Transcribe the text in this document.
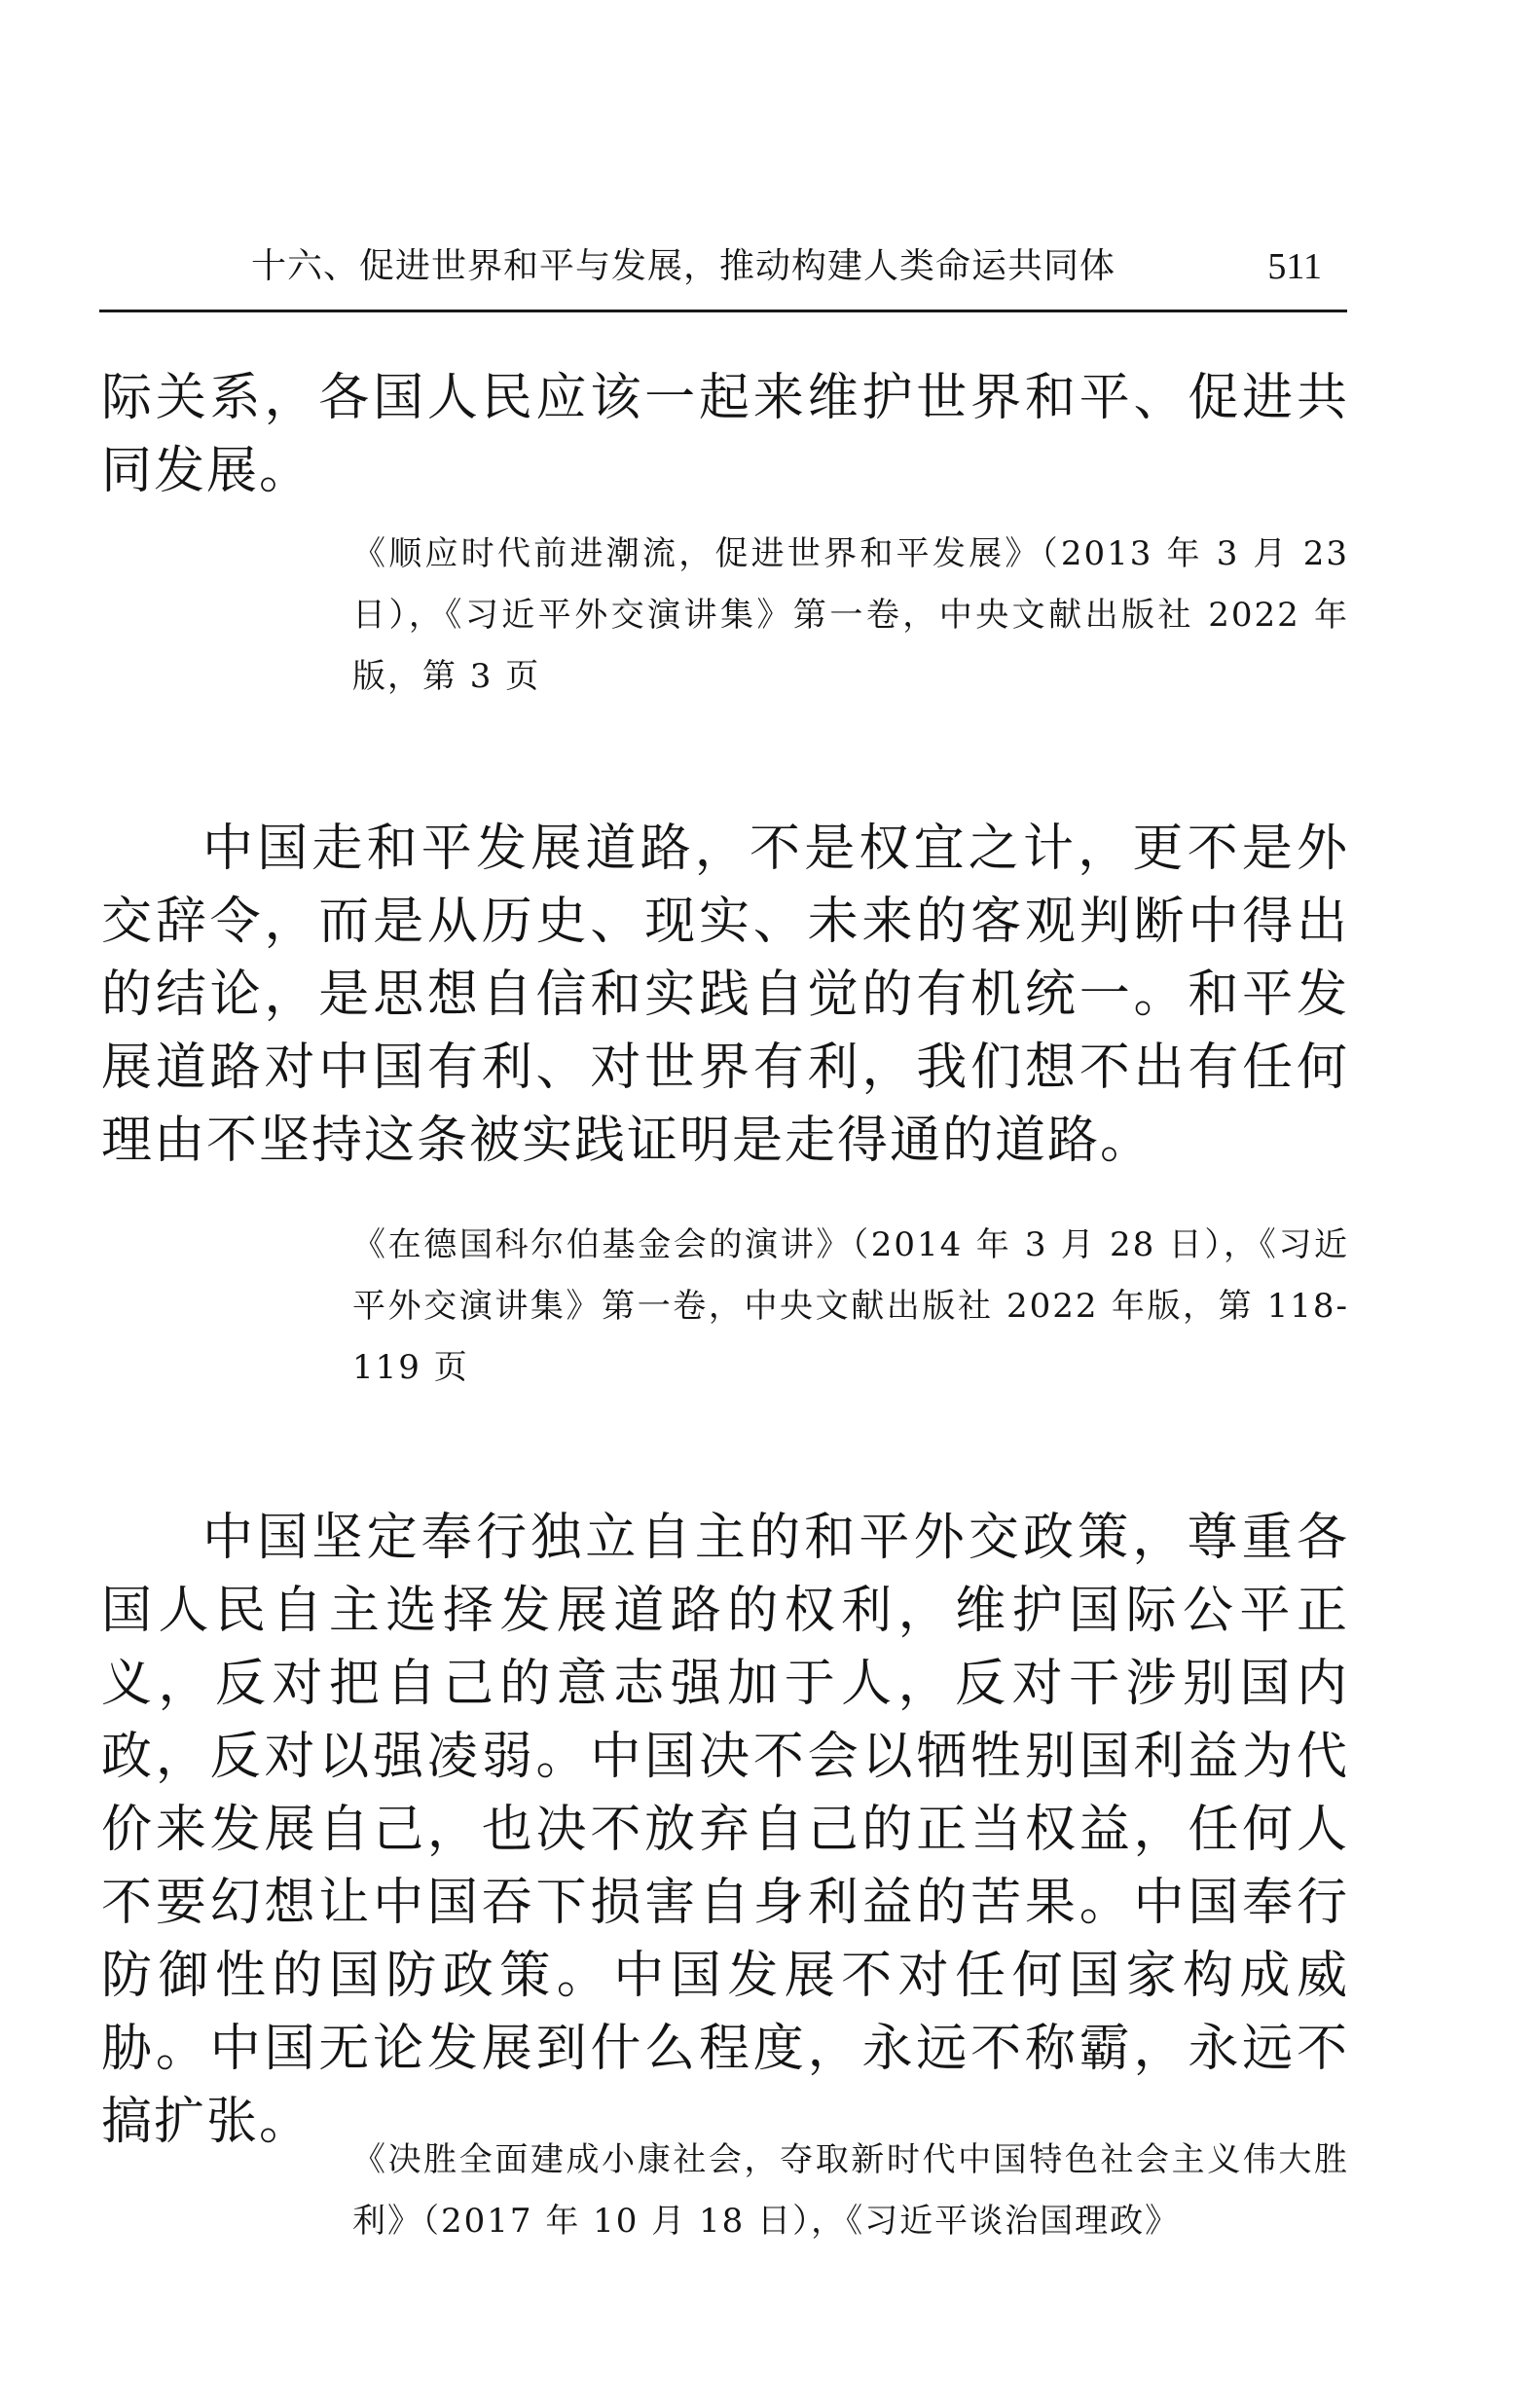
十六、促进世界和平与发展，推动构建人类命运共同体	511

际关系，各国人民应该一起来维护世界和平、促进共同发展。

《顺应时代前进潮流，促进世界和平发展》（2013 年 3 月 23 日），《习近平外交演讲集》第一卷，中央文献出版社 2022 年版，第 3 页

中国走和平发展道路，不是权宜之计，更不是外交辞令，而是从历史、现实、未来的客观判断中得出的结论，是思想自信和实践自觉的有机统一。和平发展道路对中国有利、对世界有利，我们想不出有任何理由不坚持这条被实践证明是走得通的道路。

《在德国科尔伯基金会的演讲》（2014 年 3 月 28 日），《习近平外交演讲集》第一卷，中央文献出版社 2022 年版，第 118-119 页

中国坚定奉行独立自主的和平外交政策，尊重各国人民自主选择发展道路的权利，维护国际公平正义，反对把自己的意志强加于人，反对干涉别国内政，反对以强凌弱。中国决不会以牺牲别国利益为代价来发展自己，也决不放弃自己的正当权益，任何人不要幻想让中国吞下损害自身利益的苦果。中国奉行防御性的国防政策。中国发展不对任何国家构成威胁。中国无论发展到什么程度，永远不称霸，永远不搞扩张。

《决胜全面建成小康社会，夺取新时代中国特色社会主义伟大胜利》（2017 年 10 月 18 日），《习近平谈治国理政》
